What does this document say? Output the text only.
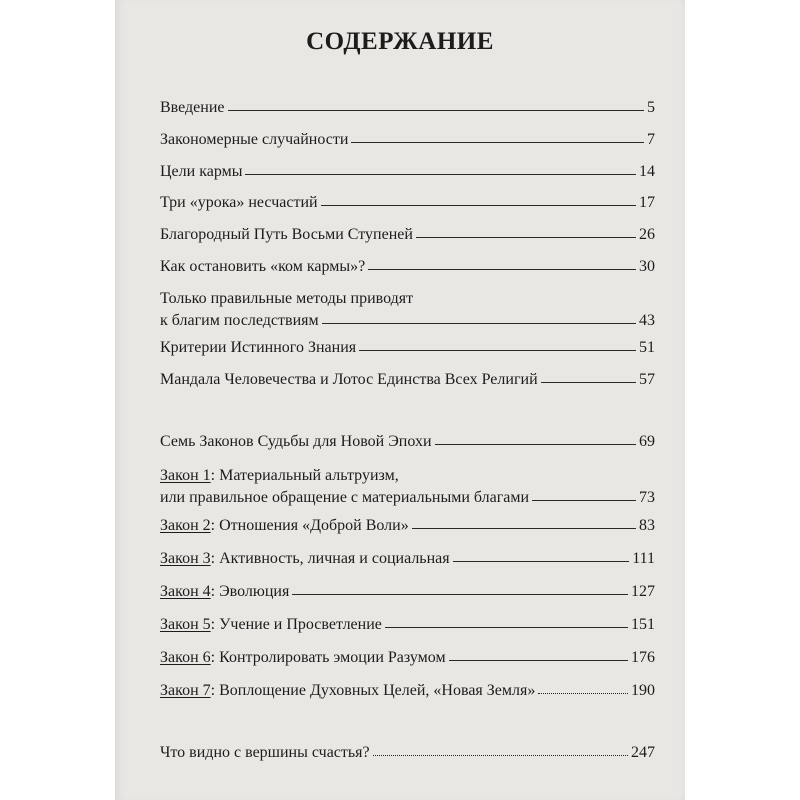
СОДЕРЖАНИЕ
Введение	5
Закономерные случайности	7
Цели кармы	14
Три «урока» несчастий	17
Благородный Путь Восьми Ступеней	26
Как остановить «ком кармы»?	30
Только правильные методы приводят
к благим последствиям	43
Критерии Истинного Знания	51
Мандала Человечества и Лотос Единства Всех Религий	57
Семь Законов Судьбы для Новой Эпохи	69
Закон 1: Материальный альтруизм,
или правильное обращение с материальными благами	73
Закон 2: Отношения «Доброй Воли»	83
Закон 3: Активность, личная и социальная	111
Закон 4: Эволюция	127
Закон 5: Учение и Просветление	151
Закон 6: Контролировать эмоции Разумом	176
Закон 7: Воплощение Духовных Целей, «Новая Земля»	190
Что видно с вершины счастья?	247
